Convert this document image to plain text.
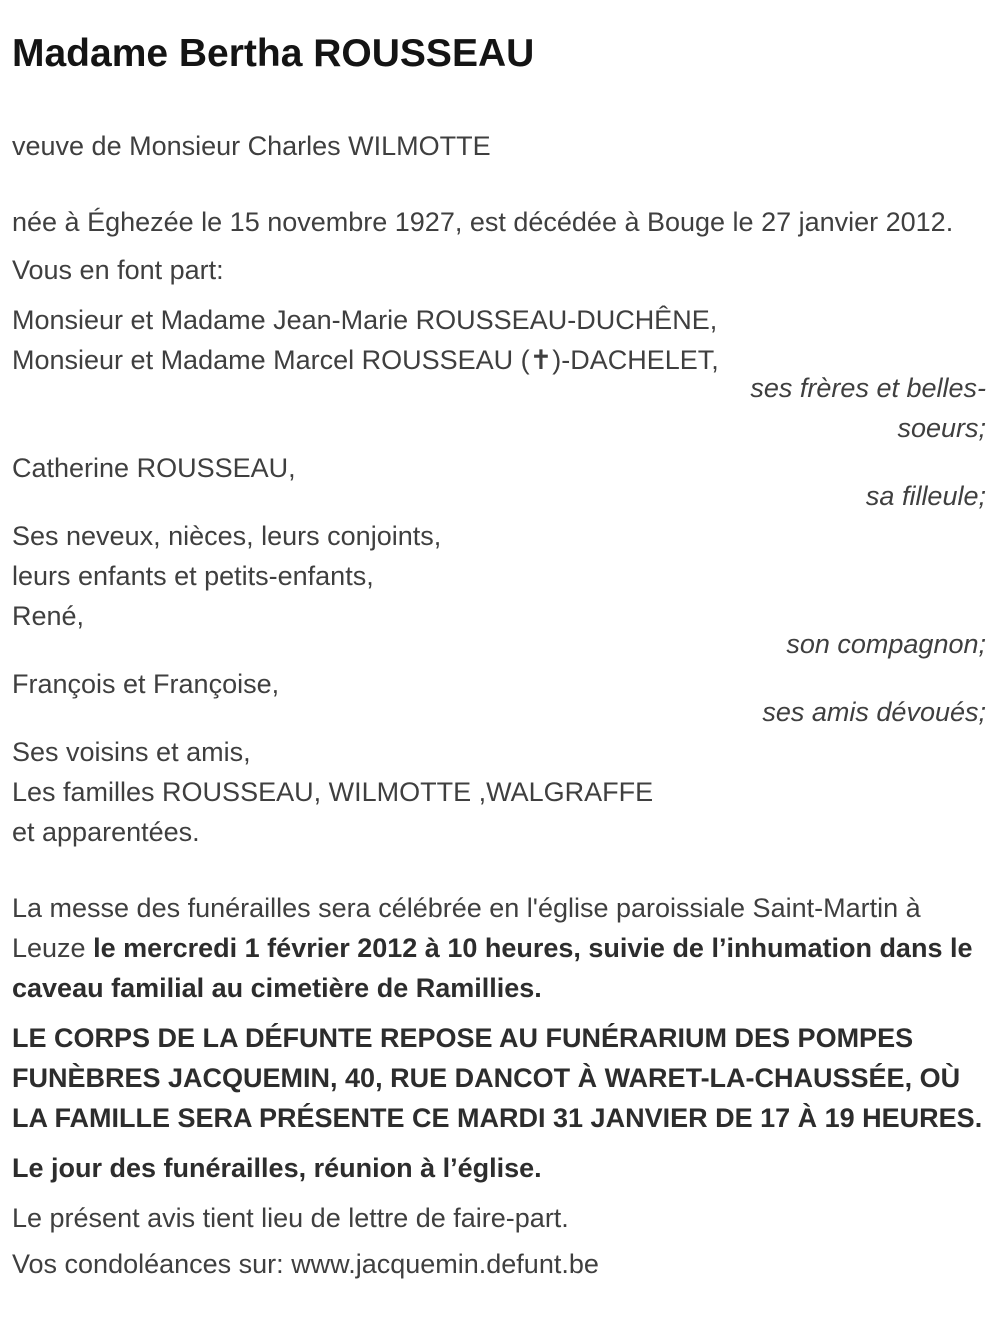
Madame Bertha ROUSSEAU

veuve de Monsieur Charles WILMOTTE

née à Éghezée le 15 novembre 1927, est décédée à Bouge le 27 janvier 2012.

Vous en font part:

Monsieur et Madame Jean-Marie ROUSSEAU-DUCHÊNE,

Monsieur et Madame Marcel ROUSSEAU (✝)-DACHELET,

ses frères et belles-soeurs;

Catherine ROUSSEAU,

sa filleule;

Ses neveux, nièces, leurs conjoints,

leurs enfants et petits-enfants,

René,

son compagnon;

François et Françoise,

ses amis dévoués;

Ses voisins et amis,

Les familles ROUSSEAU, WILMOTTE ,WALGRAFFE

et apparentées.

La messe des funérailles sera célébrée en l'église paroissiale Saint-Martin à Leuze le mercredi 1 février 2012 à 10 heures, suivie de l’inhumation dans le caveau familial au cimetière de Ramillies.

LE CORPS DE LA DÉFUNTE REPOSE AU FUNÉRARIUM DES POMPES FUNÈBRES JACQUEMIN, 40, RUE DANCOT À WARET-LA-CHAUSSÉE, OÙ LA FAMILLE SERA PRÉSENTE CE MARDI 31 JANVIER DE 17 À 19 HEURES.

Le jour des funérailles, réunion à l’église.

Le présent avis tient lieu de lettre de faire-part.

Vos condoléances sur: www.jacquemin.defunt.be
